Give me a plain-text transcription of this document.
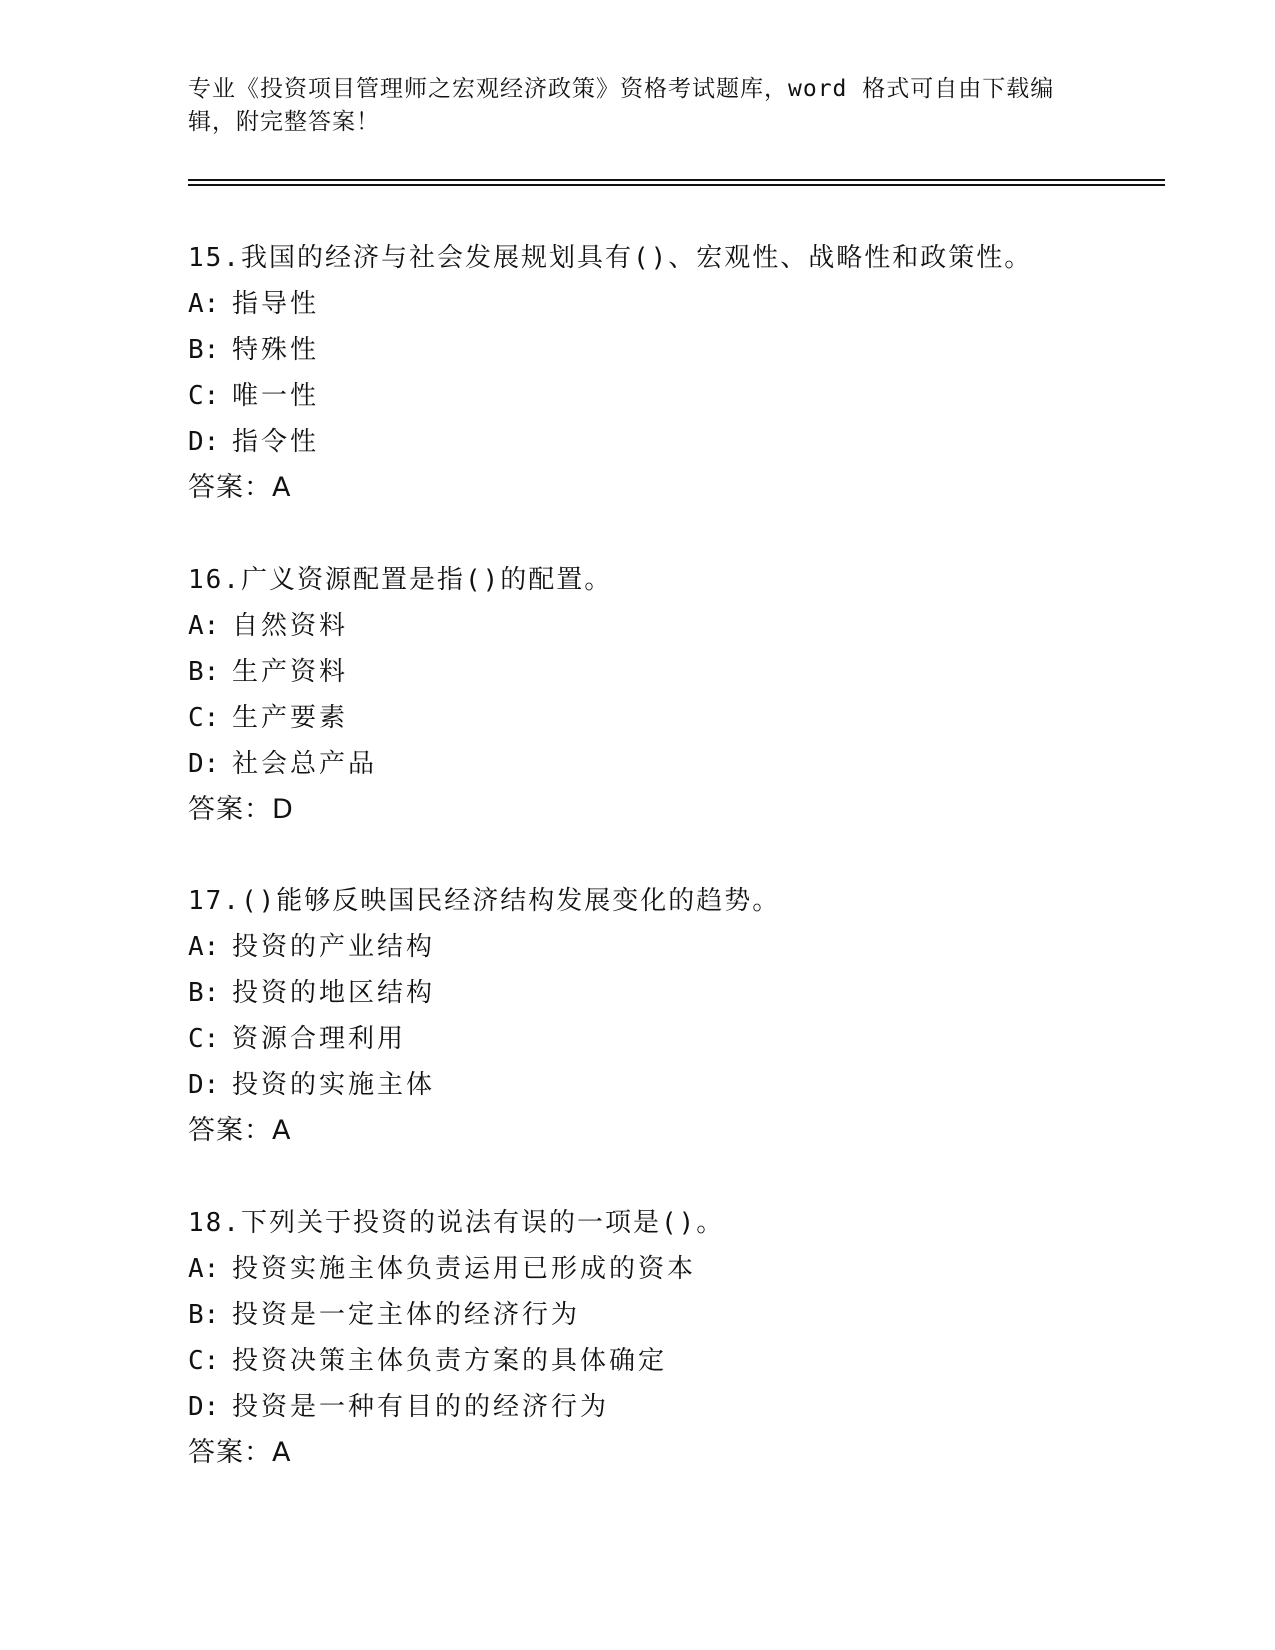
专业《投资项目管理师之宏观经济政策》资格考试题库，word 格式可自由下载编
辑，附完整答案！
15.我国的经济与社会发展规划具有()、宏观性、战略性和政策性。
A: 指导性
B: 特殊性
C: 唯一性
D: 指令性
答案：A
16.广义资源配置是指()的配置。
A: 自然资料
B: 生产资料
C: 生产要素
D: 社会总产品
答案：D
17.()能够反映国民经济结构发展变化的趋势。
A: 投资的产业结构
B: 投资的地区结构
C: 资源合理利用
D: 投资的实施主体
答案：A
18.下列关于投资的说法有误的一项是()。
A: 投资实施主体负责运用已形成的资本
B: 投资是一定主体的经济行为
C: 投资决策主体负责方案的具体确定
D: 投资是一种有目的的经济行为
答案：A
